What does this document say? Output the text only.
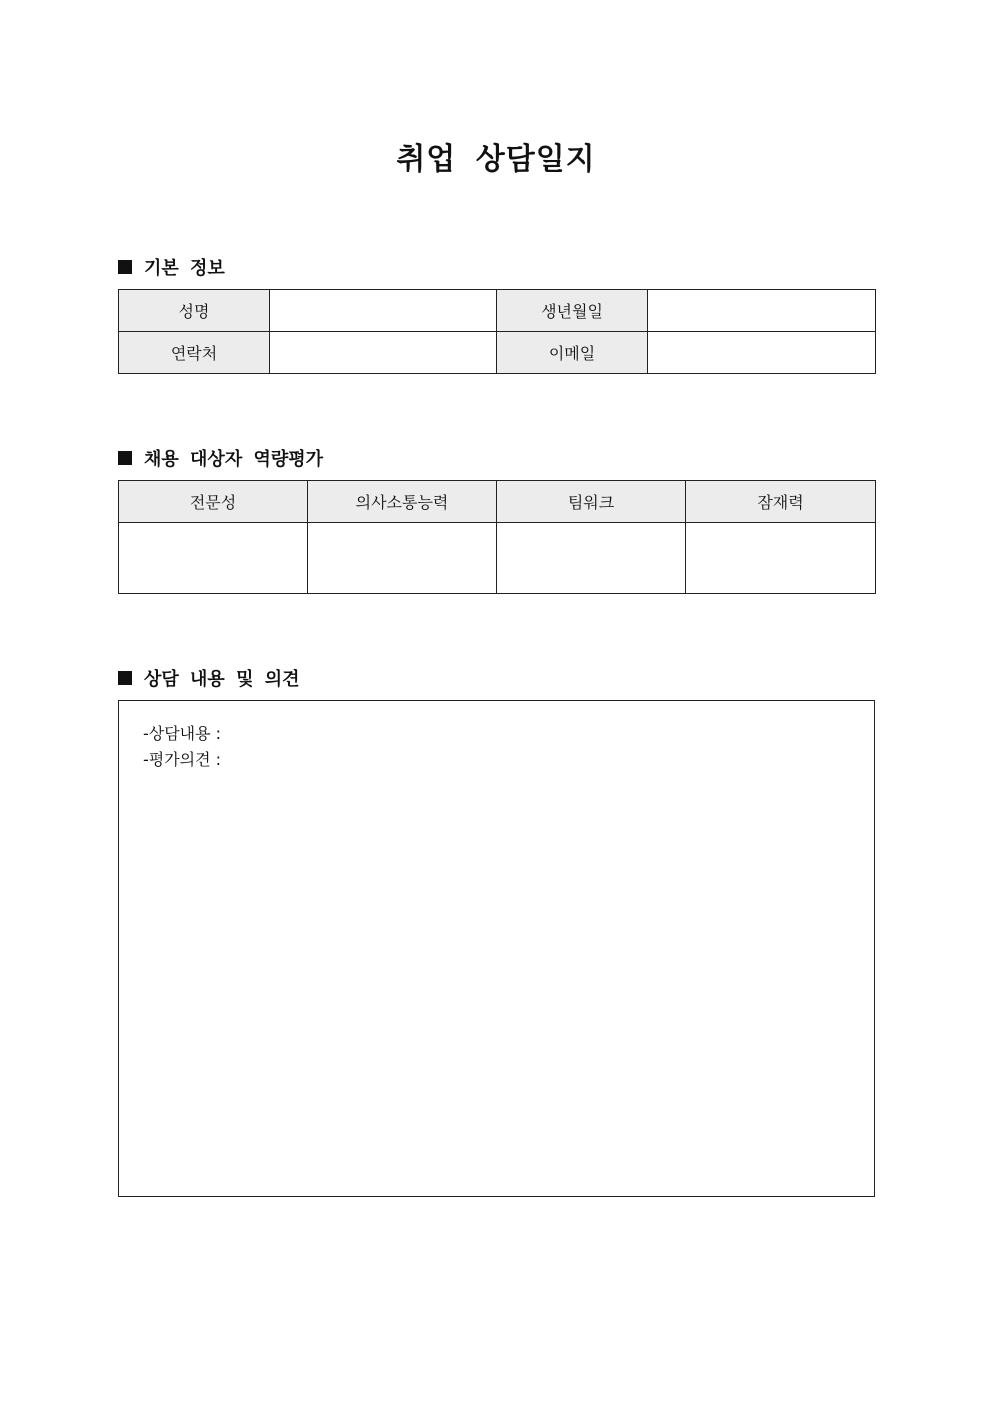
취업 상담일지
기본 정보
성명		생년월일	
연락처		이메일	
채용 대상자 역량평가
전문성	의사소통능력	팀워크	잠재력

상담 내용 및 의견
-상담내용 :
-평가의견 :
